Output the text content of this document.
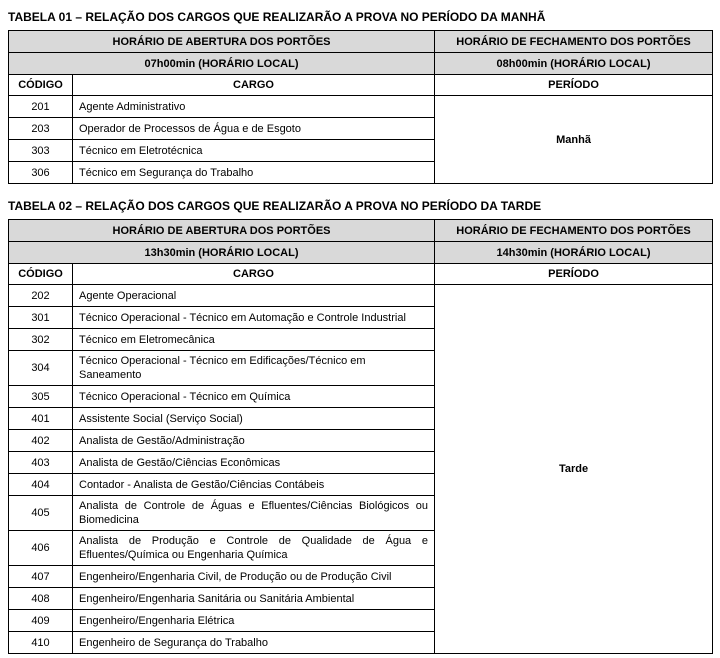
TABELA 01 – RELAÇÃO DOS CARGOS QUE REALIZARÃO A PROVA NO PERÍODO DA MANHÃ
HORÁRIO DE ABERTURA DOS PORTÕES		HORÁRIO DE FECHAMENTO DOS PORTÕES
07h00min (HORÁRIO LOCAL)		08h00min (HORÁRIO LOCAL)
CÓDIGO	CARGO	PERÍODO
201	Agente Administrativo	Manhã
203	Operador de Processos de Água e de Esgoto	
303	Técnico em Eletrotécnica	
306	Técnico em Segurança do Trabalho	
TABELA 02 – RELAÇÃO DOS CARGOS QUE REALIZARÃO A PROVA NO PERÍODO DA TARDE
HORÁRIO DE ABERTURA DOS PORTÕES		HORÁRIO DE FECHAMENTO DOS PORTÕES
13h30min (HORÁRIO LOCAL)		14h30min (HORÁRIO LOCAL)
CÓDIGO	CARGO	PERÍODO
202	Agente Operacional	Tarde
301	Técnico Operacional - Técnico em Automação e Controle Industrial	
302	Técnico em Eletromecânica	
304	Técnico Operacional - Técnico em Edificações/Técnico em Saneamento	
305	Técnico Operacional - Técnico em Química	
401	Assistente Social (Serviço Social)	
402	Analista de Gestão/Administração	
403	Analista de Gestão/Ciências Econômicas	
404	Contador - Analista de Gestão/Ciências Contábeis	
405	Analista de Controle de Águas e Efluentes/Ciências Biológicos ou Biomedicina	
406	Analista de Produção e Controle de Qualidade de Água e Efluentes/Química ou Engenharia Química	
407	Engenheiro/Engenharia Civil, de Produção ou de Produção Civil	
408	Engenheiro/Engenharia Sanitária ou Sanitária Ambiental	
409	Engenheiro/Engenharia Elétrica	
410	Engenheiro de Segurança do Trabalho	
